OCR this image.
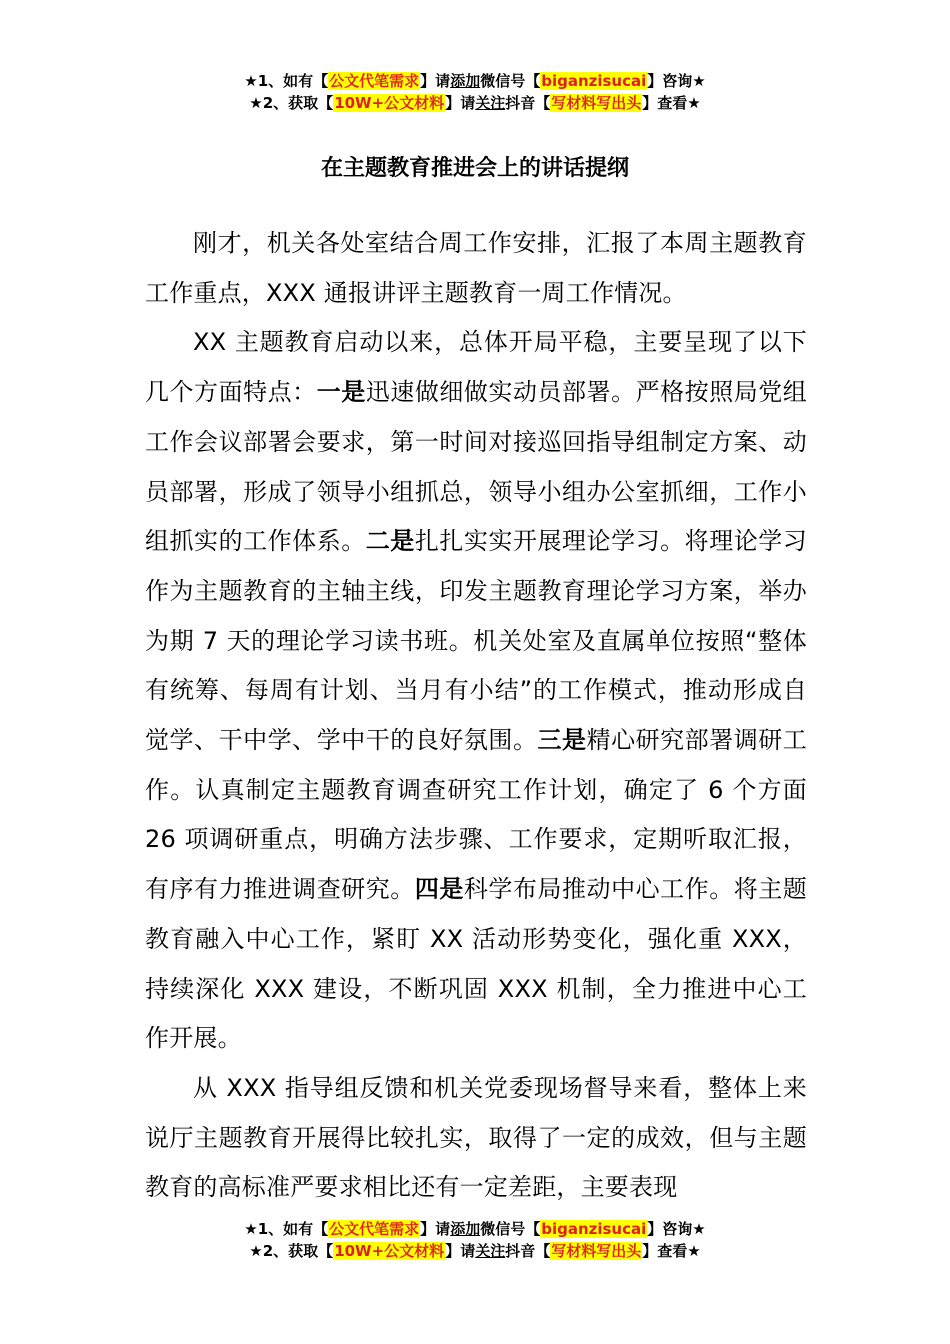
★1、如有【公文代笔需求】请添加微信号【biganzisucai】咨询★
★2、获取【10W+公文材料】请关注抖音【写材料写出头】查看★
在主题教育推进会上的讲话提纲

刚才，机关各处室结合周工作安排，汇报了本周主题教育工作重点，XXX 通报讲评主题教育一周工作情况。

XX 主题教育启动以来，总体开局平稳，主要呈现了以下几个方面特点：一是迅速做细做实动员部署。严格按照局党组工作会议部署会要求，第一时间对接巡回指导组制定方案、动员部署，形成了领导小组抓总，领导小组办公室抓细，工作小组抓实的工作体系。二是扎扎实实开展理论学习。将理论学习作为主题教育的主轴主线，印发主题教育理论学习方案，举办为期 7 天的理论学习读书班。机关处室及直属单位按照“整体有统筹、每周有计划、当月有小结”的工作模式，推动形成自觉学、干中学、学中干的良好氛围。三是精心研究部署调研工作。认真制定主题教育调查研究工作计划，确定了 6 个方面 26 项调研重点，明确方法步骤、工作要求，定期听取汇报，有序有力推进调查研究。四是科学布局推动中心工作。将主题教育融入中心工作，紧盯 XX 活动形势变化，强化重 XXX，持续深化 XXX 建设，不断巩固 XXX 机制，全力推进中心工作开展。

从 XXX 指导组反馈和机关党委现场督导来看，整体上来说厅主题教育开展得比较扎实，取得了一定的成效，但与主题教育的高标准严要求相比还有一定差距，主要表现

★1、如有【公文代笔需求】请添加微信号【biganzisucai】咨询★
★2、获取【10W+公文材料】请关注抖音【写材料写出头】查看★
